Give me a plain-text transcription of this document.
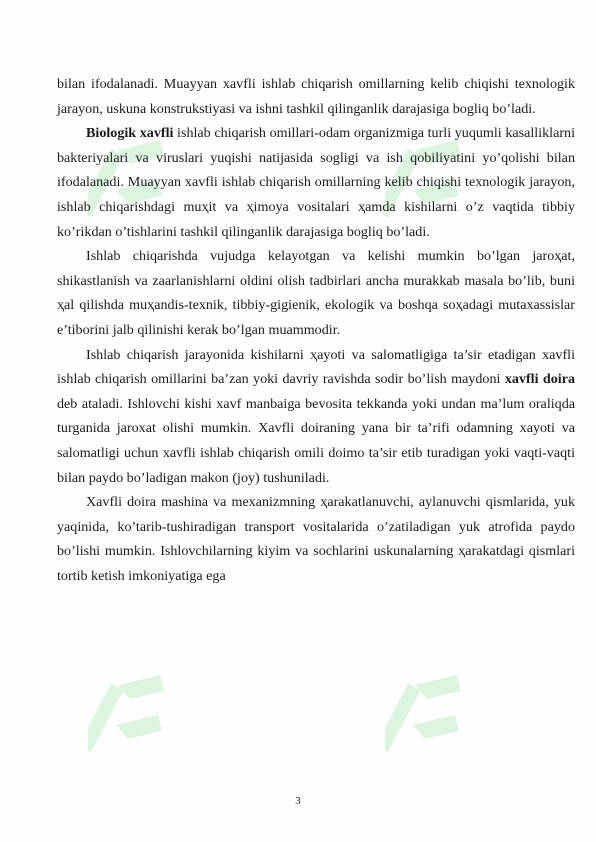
bilan ifodalanadi. Muayyan xavfli ishlab chiqarish omillarning kelib chiqishi texnologik jarayon, uskuna konstrukstiyasi va ishni tashkil qilinganlik darajasiga bogliq bo’ladi.

Biologik xavfli ishlab chiqarish omillari-odam organizmiga turli yuqumli kasalliklarni bakteriyalari va viruslari yuqishi natijasida sogligi va ish qobiliyatini yo’qolishi bilan ifodalanadi. Muayyan xavfli ishlab chiqarish omillarning kelib chiqishi texnologik jarayon, ishlab chiqarishdagi muҳit va ҳimoya vositalari ҳamda kishilarni o’z vaqtida tibbiy ko’rikdan o’tishlarini tashkil qilinganlik darajasiga bogliq bo’ladi.

Ishlab chiqarishda vujudga kelayotgan va kelishi mumkin bo’lgan jaroҳat, shikastlanish va zaarlanishlarni oldini olish tadbirlari ancha murakkab masala bo’lib, buni ҳal qilishda muҳandis-texnik, tibbiy-gigienik, ekologik va boshqa soҳadagi mutaxassislar e’tiborini jalb qilinishi kerak bo’lgan muammodir.

Ishlab chiqarish jarayonida kishilarni ҳayoti va salomatligiga ta’sir etadigan xavfli ishlab chiqarish omillarini ba’zan yoki davriy ravishda sodir bo’lish maydoni xavfli doira deb ataladi. Ishlovchi kishi xavf manbaiga bevosita tekkanda yoki undan ma’lum oraliqda turganida jaroxat olishi mumkin. Xavfli doiraning yana bir ta’rifi odamning xayoti va salomatligi uchun xavfli ishlab chiqarish omili doimo ta’sir etib turadigan yoki vaqti-vaqti bilan paydo bo’ladigan makon (joy) tushuniladi.

Xavfli doira mashina va mexanizmning ҳarakatlanuvchi, aylanuvchi qismlarida, yuk yaqinida, ko’tarib-tushiradigan transport vositalarida o’zatiladigan yuk atrofida paydo bo’lishi mumkin. Ishlovchilarning kiyim va sochlarini uskunalarning ҳarakatdagi qismlari tortib ketish imkoniyatiga ega

3
